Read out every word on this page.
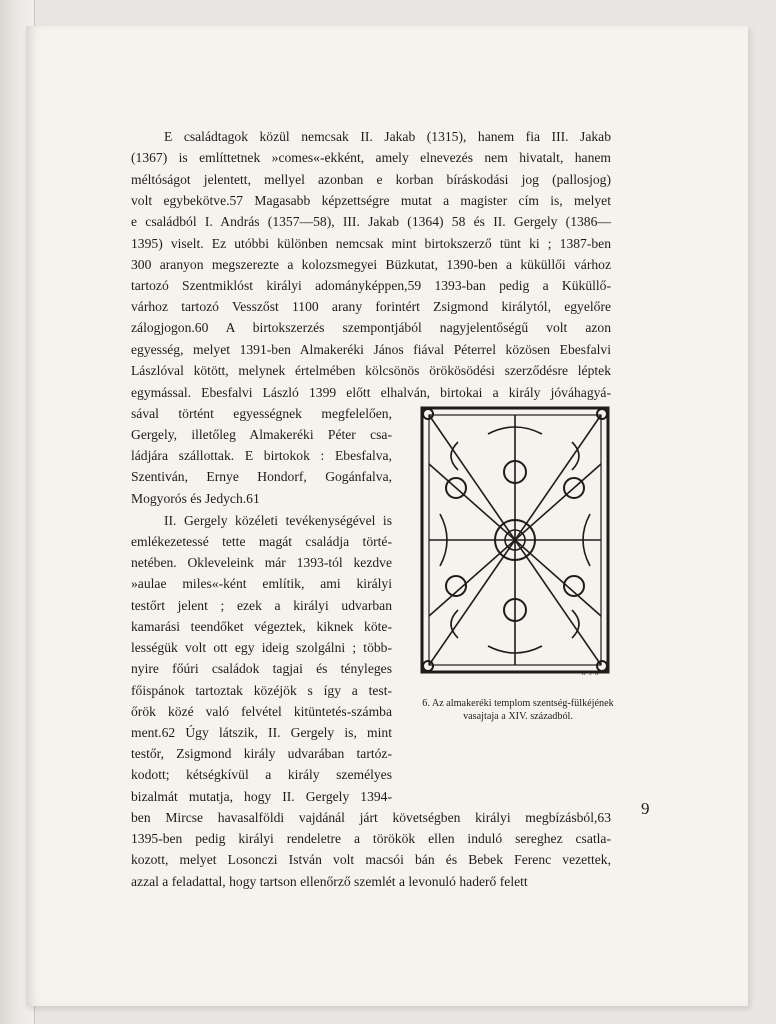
E családtagok közül nemcsak II. Jakab (1315), hanem fia III. Jakab
(1367) is említtetnek »comes«-ekként, amely elnevezés nem hivatalt, hanem
méltóságot jelentett, mellyel azonban e korban bíráskodási jog (pallosjog)
volt egybekötve.57 Magasabb képzettségre mutat a magister cím is, melyet
e családból I. András (1357—58), III. Jakab (1364) 58 és II. Gergely (1386—
1395) viselt. Ez utóbbi különben nemcsak mint birtokszerző tünt ki ; 1387-ben
300 aranyon megszerezte a kolozsmegyei Büzkutat, 1390-ben a küküllői várhoz
tartozó Szentmiklóst királyi adományképpen,59 1393-ban pedig a Küküllő-
várhoz tartozó Vesszőst 1100 arany forintért Zsigmond királytól, egyelőre
zálogjogon.60 A birtokszerzés szempontjából nagyjelentőségű volt azon
egyesség, melyet 1391-ben Almakeréki János fiával Péterrel közösen Ebesfalvi
Lászlóval kötött, melynek értelmében kölcsönös örökösödési szerződésre léptek
egymással. Ebesfalvi László 1399 előtt elhalván, birtokai a király jóváhagyá-
sával történt egyességnek megfelelően,
Gergely, illetőleg Almakeréki Péter csa-
ládjára szállottak. E birtokok : Ebesfalva,
Szentiván, Ernye Hondorf, Gogánfalva,
Mogyorós és Jedych.61
II. Gergely közéleti tevékenységével is
emlékezetessé tette magát családja törté-
netében. Okleveleink már 1393-tól kezdve
»aulae miles«-ként említik, ami királyi
testőrt jelent ; ezek a királyi udvarban
kamarási teendőket végeztek, kiknek köte-
lességük volt ott egy ideig szolgálni ; több-
nyire főúri családok tagjai és tényleges
főispánok tartoztak közéjök s így a test-
őrök közé való felvétel kitüntetés-számba
ment.62 Úgy látszik, II. Gergely is, mint
testőr, Zsigmond király udvarában tartóz-
kodott; kétségkívül a király személyes
bizalmát mutatja, hogy II. Gergely 1394-
ben Mircse havasalföldi vajdánál járt követségben királyi megbízásból,63
1395-ben pedig királyi rendeletre a törökök ellen induló sereghez csatla-
kozott, melyet Losonczi István volt macsói bán és Bebek Ferenc vezettek,
azzal a feladattal, hogy tartson ellenőrző szemlét a levonuló haderő felett
K S G
6. Az almakeréki templom szentség-fülkéjének vasajtaja a XIV. századból.
9
